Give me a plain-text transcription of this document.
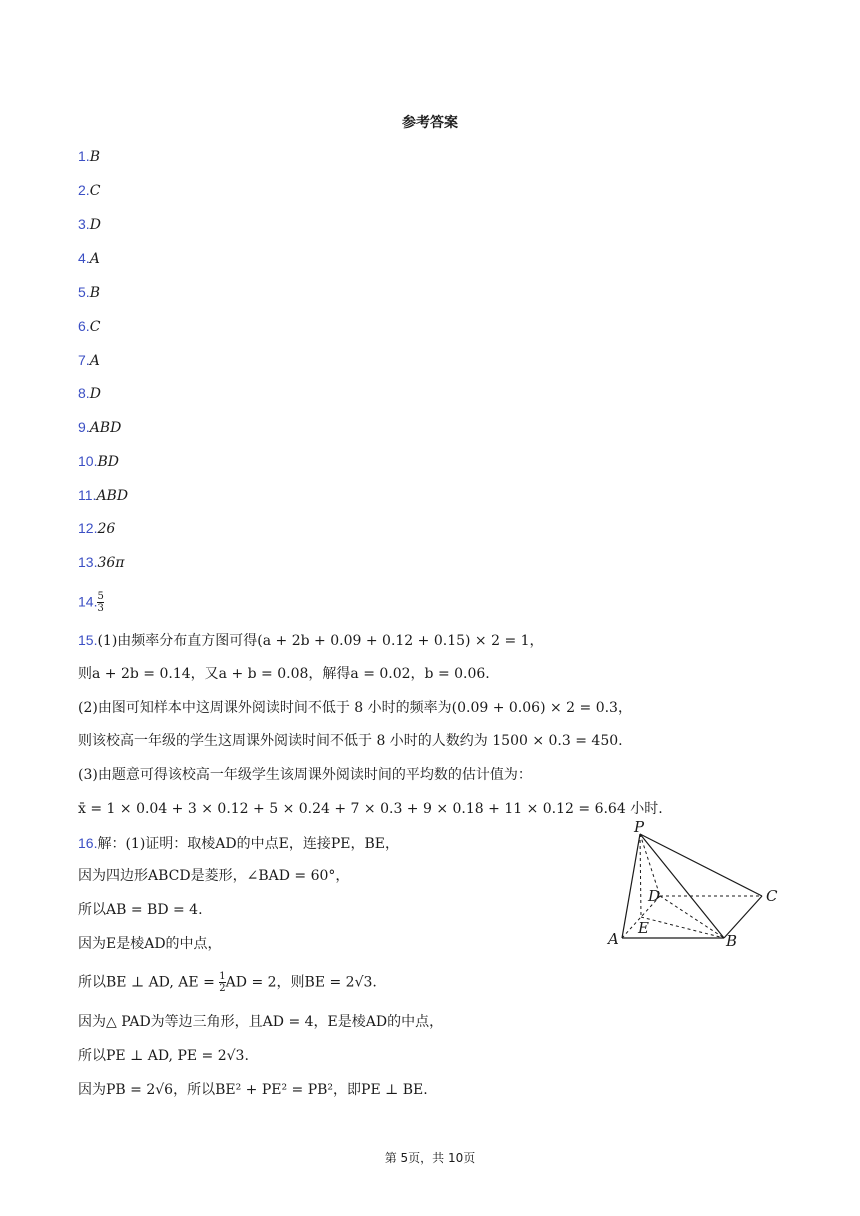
参考答案
1.B
2.C
3.D
4.A
5.B
6.C
7.A
8.D
9.ABD
10.BD
11.ABD
12.26
13.36π
14. $\frac{5}{3}$
15.(1)由频率分布直方图可得(a + 2b + 0.09 + 0.12 + 0.15) × 2 = 1，
则a + 2b = 0.14，又a + b = 0.08，解得a = 0.02，b = 0.06.
(2)由图可知样本中这周课外阅读时间不低于 8 小时的频率为(0.09 + 0.06) × 2 = 0.3，
则该校高一年级的学生这周课外阅读时间不低于 8 小时的人数约为 1500 × 0.3 = 450.
(3)由题意可得该校高一年级学生该周课外阅读时间的平均数的估计值为：
x̄ = 1 × 0.04 + 3 × 0.12 + 5 × 0.24 + 7 × 0.3 + 9 × 0.18 + 11 × 0.12 = 6.64 小时.
16.解：(1)证明：取棱AD的中点E，连接PE，BE，
因为四边形ABCD是菱形，∠BAD = 60°，
所以AB = BD = 4.
因为E是棱AD的中点，
所以BE ⊥ AD, AE = $\frac{1}{2}$ AD = 2，则BE = 2√3.
因为△ PAD为等边三角形，且AD = 4，E是棱AD的中点，
所以PE ⊥ AD, PE = 2√3.
因为PB = 2√6，所以BE² + PE² = PB²，即PE ⊥ BE.
P
D	C
A
E
B
第 5页，共 10页
